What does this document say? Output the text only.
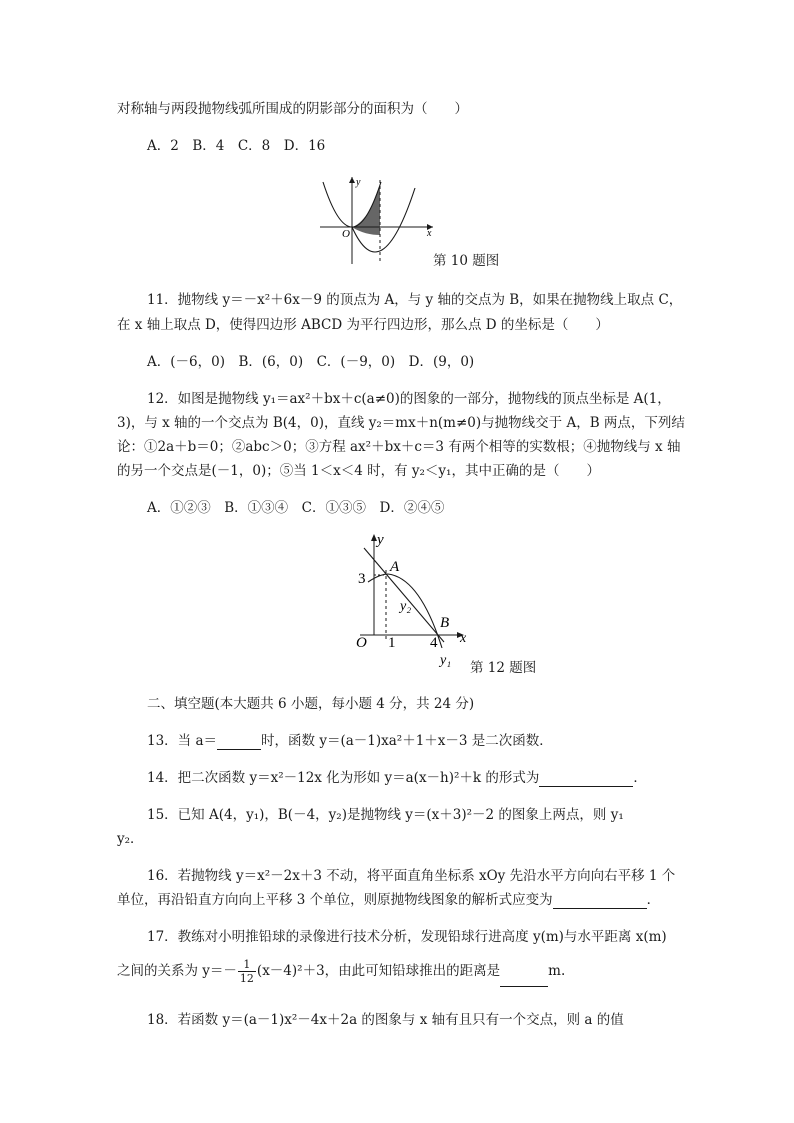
对称轴与两段抛物线弧所围成的阴影部分的面积为（　　）
A．2　B．4　C．8　D．16
y
x
O
第 10 题图
11．抛物线 y＝－x²＋6x－9 的顶点为 A，与 y 轴的交点为 B，如果在抛物线上取点 C，
在 x 轴上取点 D，使得四边形 ABCD 为平行四边形，那么点 D 的坐标是（　　）
A．(－6，0)　B．(6，0)　C．(－9，0)　D．(9，0)
12．如图是抛物线 y₁＝ax²＋bx＋c(a≠0)的图象的一部分，抛物线的顶点坐标是 A(1，
3)，与 x 轴的一个交点为 B(4，0)，直线 y₂＝mx＋n(m≠0)与抛物线交于 A，B 两点，下列结
论：①2a＋b＝0；②abc＞0；③方程 ax²＋bx＋c＝3 有两个相等的实数根；④抛物线与 x 轴
的另一个交点是(－1，0)；⑤当 1＜x＜4 时，有 y₂＜y₁，其中正确的是（　　）
A．①②③　B．①③④　C．①③⑤　D．②④⑤
y
3
A
y₂
B
O 1 4 x
y₁ 第 12 题图
二、填空题(本大题共 6 小题，每小题 4 分，共 24 分)
13．当 a＝	时，函数 y＝(a－1)xa²＋1＋x－3 是二次函数．
14．把二次函数 y＝x²－12x 化为形如 y＝a(x－h)²＋k 的形式为	．
15．已知 A(4，y₁)，B(－4，y₂)是抛物线 y＝(x＋3)²－2 的图象上两点，则 y₁
y₂．
16．若抛物线 y＝x²－2x＋3 不动，将平面直角坐标系 xOy 先沿水平方向向右平移 1 个
单位，再沿铅直方向向上平移 3 个单位，则原抛物线图象的解析式应变为	．
17．教练对小明推铅球的录像进行技术分析，发现铅球行进高度 y(m)与水平距离 x(m)
之间的关系为 $y=- \frac{1}{12} (x-4)^2+3$，由此可知铅球推出的距离是	m.
18．若函数 y＝(a－1)x²－4x＋2a 的图象与 x 轴有且只有一个交点，则 a 的值
